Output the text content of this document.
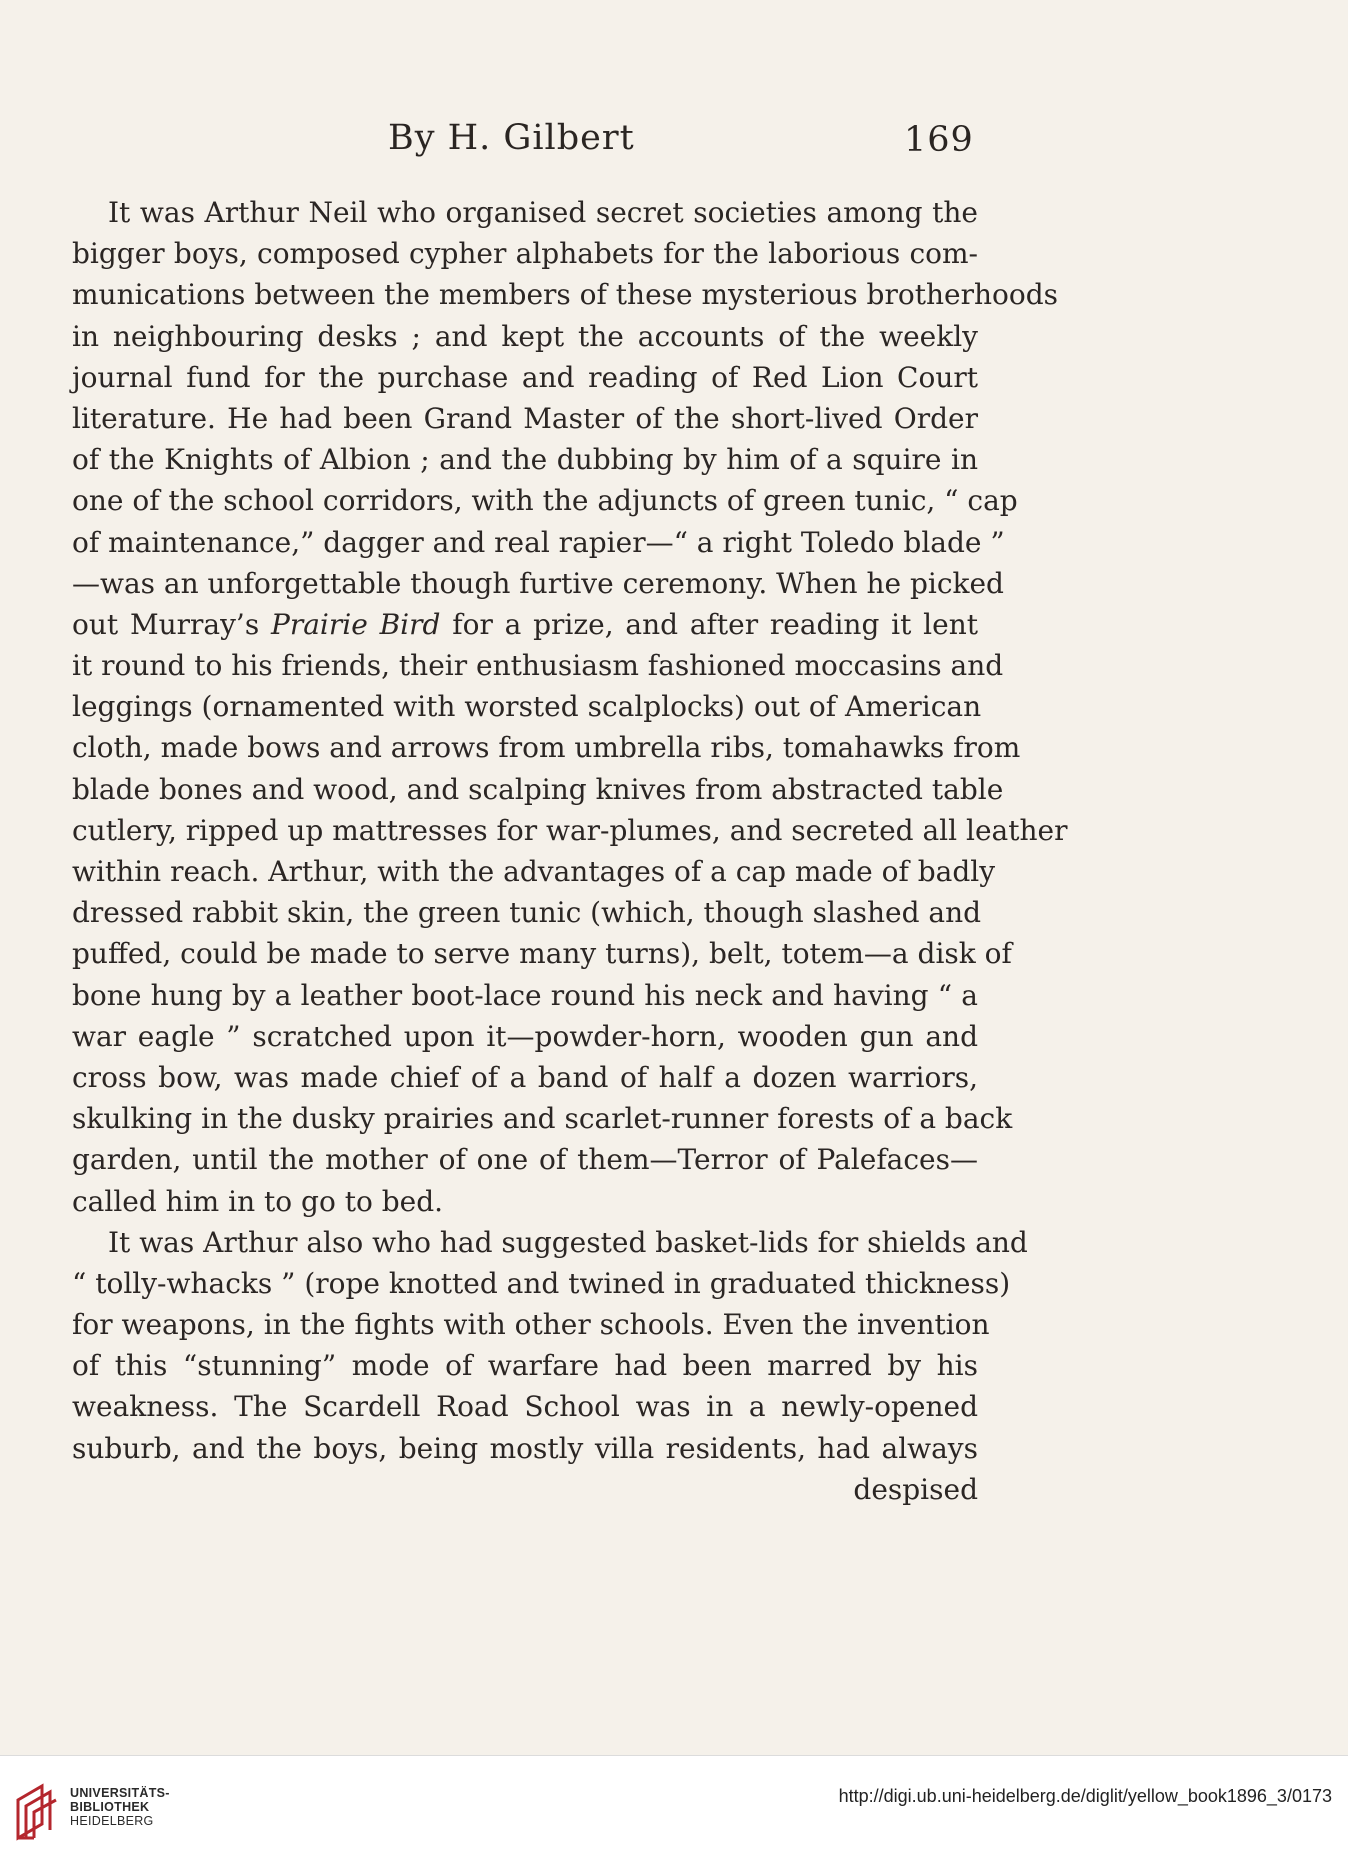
By H. Gilbert	169
It was Arthur Neil who organised secret societies among the
bigger boys, composed cypher alphabets for the laborious com-
munications between the members of these mysterious brotherhoods
in neighbouring desks ; and kept the accounts of the weekly
journal fund for the purchase and reading of Red Lion Court
literature. He had been Grand Master of the short-lived Order
of the Knights of Albion ; and the dubbing by him of a squire in
one of the school corridors, with the adjuncts of green tunic, “ cap
of maintenance,” dagger and real rapier—“ a right Toledo blade ”
—was an unforgettable though furtive ceremony. When he picked
out Murray’s Prairie Bird for a prize, and after reading it lent
it round to his friends, their enthusiasm fashioned moccasins and
leggings (ornamented with worsted scalplocks) out of American
cloth, made bows and arrows from umbrella ribs, tomahawks from
blade bones and wood, and scalping knives from abstracted table
cutlery, ripped up mattresses for war-plumes, and secreted all leather
within reach. Arthur, with the advantages of a cap made of badly
dressed rabbit skin, the green tunic (which, though slashed and
puffed, could be made to serve many turns), belt, totem—a disk of
bone hung by a leather boot-lace round his neck and having “ a
war eagle ” scratched upon it—powder-horn, wooden gun and
cross bow, was made chief of a band of half a dozen warriors,
skulking in the dusky prairies and scarlet-runner forests of a back
garden, until the mother of one of them—Terror of Palefaces—
called him in to go to bed.
It was Arthur also who had suggested basket-lids for shields and
“ tolly-whacks ” (rope knotted and twined in graduated thickness)
for weapons, in the fights with other schools. Even the invention
of this “stunning” mode of warfare had been marred by his
weakness. The Scardell Road School was in a newly-opened
suburb, and the boys, being mostly villa residents, had always
despised
UNIVERSITÄTS-
BIBLIOTHEK
HEIDELBERG
http://digi.ub.uni-heidelberg.de/diglit/yellow_book1896_3/0173
